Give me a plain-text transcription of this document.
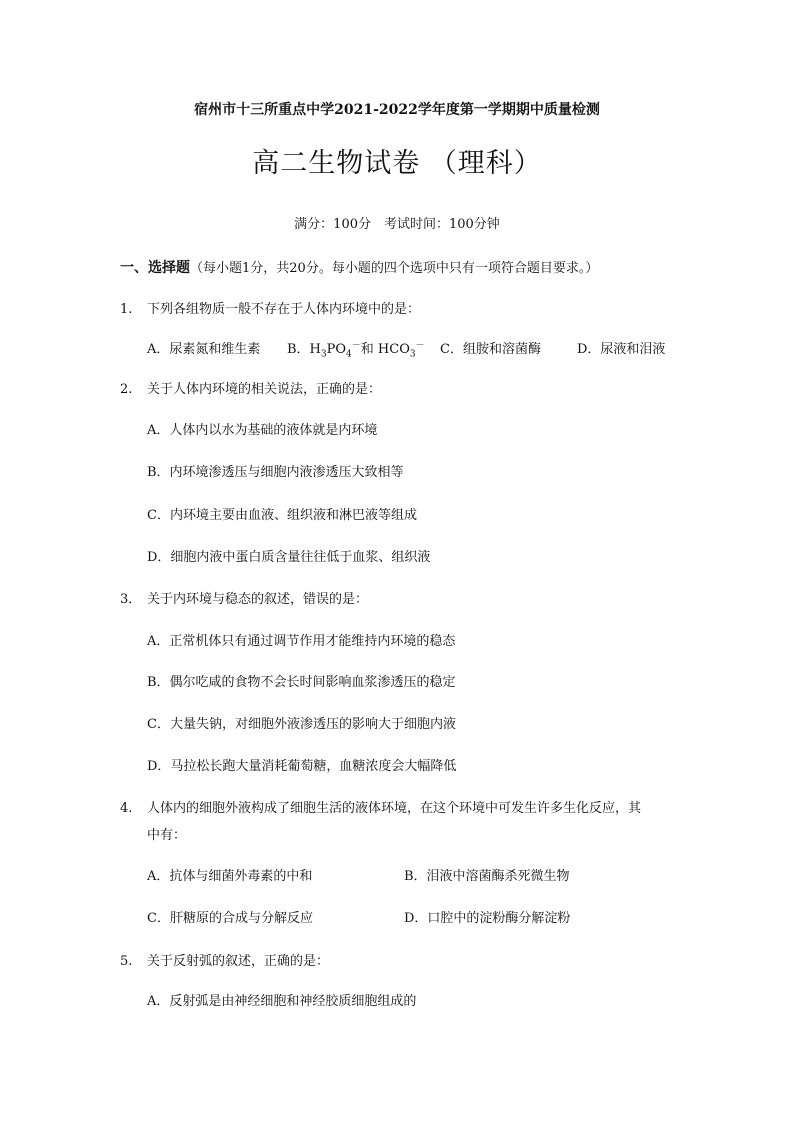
宿州市十三所重点中学2021-2022学年度第一学期期中质量检测
高二生物试卷 （理科）
满分：100分　考试时间：100分钟
一、选择题（每小题1分，共20分。每小题的四个选项中只有一项符合题目要求。）
1. 下列各组物质一般不存在于人体内环境中的是：
A．尿素氮和维生素 B．$H_3PO_4^-$和 $HCO_3^-$ C．组胺和溶菌酶	D．尿液和泪液
2. 关于人体内环境的相关说法，正确的是：
A．人体内以水为基础的液体就是内环境
B．内环境渗透压与细胞内液渗透压大致相等
C．内环境主要由血液、组织液和淋巴液等组成
D．细胞内液中蛋白质含量往往低于血浆、组织液
3． 关于内环境与稳态的叙述，错误的是：
A．正常机体只有通过调节作用才能维持内环境的稳态
B．偶尔吃咸的食物不会长时间影响血浆渗透压的稳定
C．大量失钠，对细胞外液渗透压的影响大于细胞内液
D．马拉松长跑大量消耗葡萄糖，血糖浓度会大幅降低
4. 人体内的细胞外液构成了细胞生活的液体环境，在这个环境中可发生许多生化反应，其
中有：
A．抗体与细菌外毒素的中和	B．泪液中溶菌酶杀死微生物
C．肝糖原的合成与分解反应	D．口腔中的淀粉酶分解淀粉
5. 关于反射弧的叙述，正确的是：
A．反射弧是由神经细胞和神经胶质细胞组成的
